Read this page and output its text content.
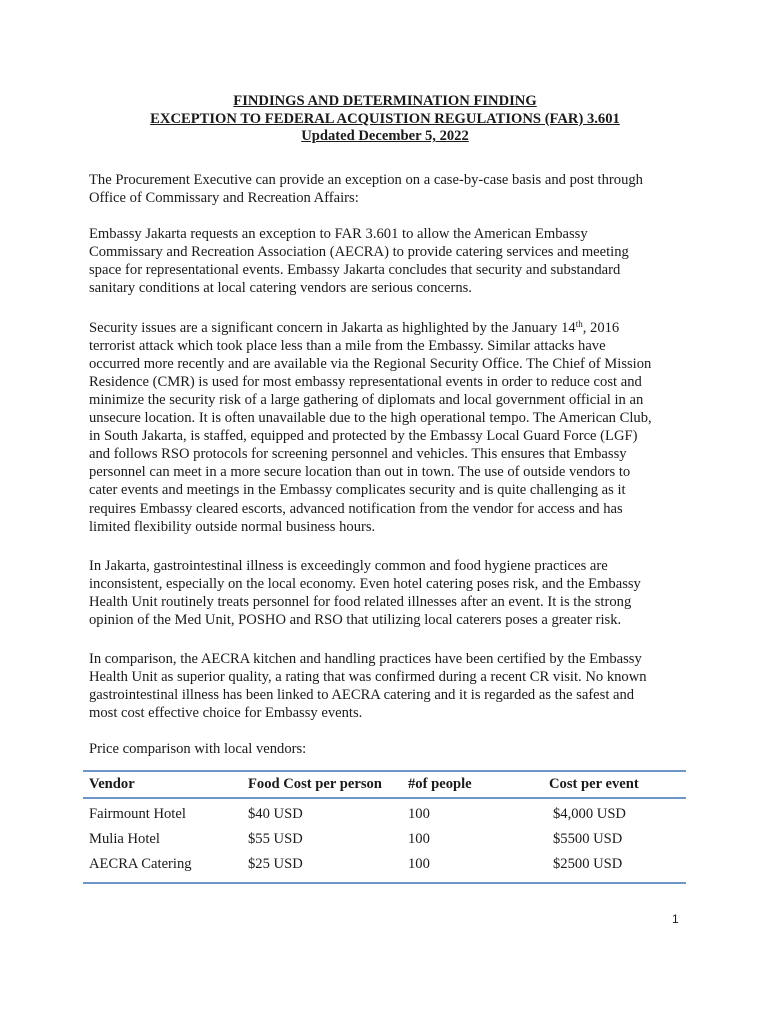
FINDINGS AND DETERMINATION FINDING
EXCEPTION TO FEDERAL ACQUISTION REGULATIONS (FAR) 3.601
Updated December 5, 2022

The Procurement Executive can provide an exception on a case-by-case basis and post through
Office of Commissary and Recreation Affairs:

Embassy Jakarta requests an exception to FAR 3.601 to allow the American Embassy
Commissary and Recreation Association (AECRA) to provide catering services and meeting
space for representational events. Embassy Jakarta concludes that security and substandard
sanitary conditions at local catering vendors are serious concerns.

Security issues are a significant concern in Jakarta as highlighted by the January 14th, 2016
terrorist attack which took place less than a mile from the Embassy. Similar attacks have
occurred more recently and are available via the Regional Security Office. The Chief of Mission
Residence (CMR) is used for most embassy representational events in order to reduce cost and
minimize the security risk of a large gathering of diplomats and local government official in an
unsecure location. It is often unavailable due to the high operational tempo. The American Club,
in South Jakarta, is staffed, equipped and protected by the Embassy Local Guard Force (LGF)
and follows RSO protocols for screening personnel and vehicles. This ensures that Embassy
personnel can meet in a more secure location than out in town. The use of outside vendors to
cater events and meetings in the Embassy complicates security and is quite challenging as it
requires Embassy cleared escorts, advanced notification from the vendor for access and has
limited flexibility outside normal business hours.

In Jakarta, gastrointestinal illness is exceedingly common and food hygiene practices are
inconsistent, especially on the local economy. Even hotel catering poses risk, and the Embassy
Health Unit routinely treats personnel for food related illnesses after an event. It is the strong
opinion of the Med Unit, POSHO and RSO that utilizing local caterers poses a greater risk.

In comparison, the AECRA kitchen and handling practices have been certified by the Embassy
Health Unit as superior quality, a rating that was confirmed during a recent CR visit. No known
gastrointestinal illness has been linked to AECRA catering and it is regarded as the safest and
most cost effective choice for Embassy events.

Price comparison with local vendors:

Vendor	Food Cost per person	#of people	Cost per event
Fairmount Hotel	$40 USD	100	$4,000 USD
Mulia Hotel	$55 USD	100	$5500 USD
AECRA Catering	$25 USD	100	$2500 USD
1
